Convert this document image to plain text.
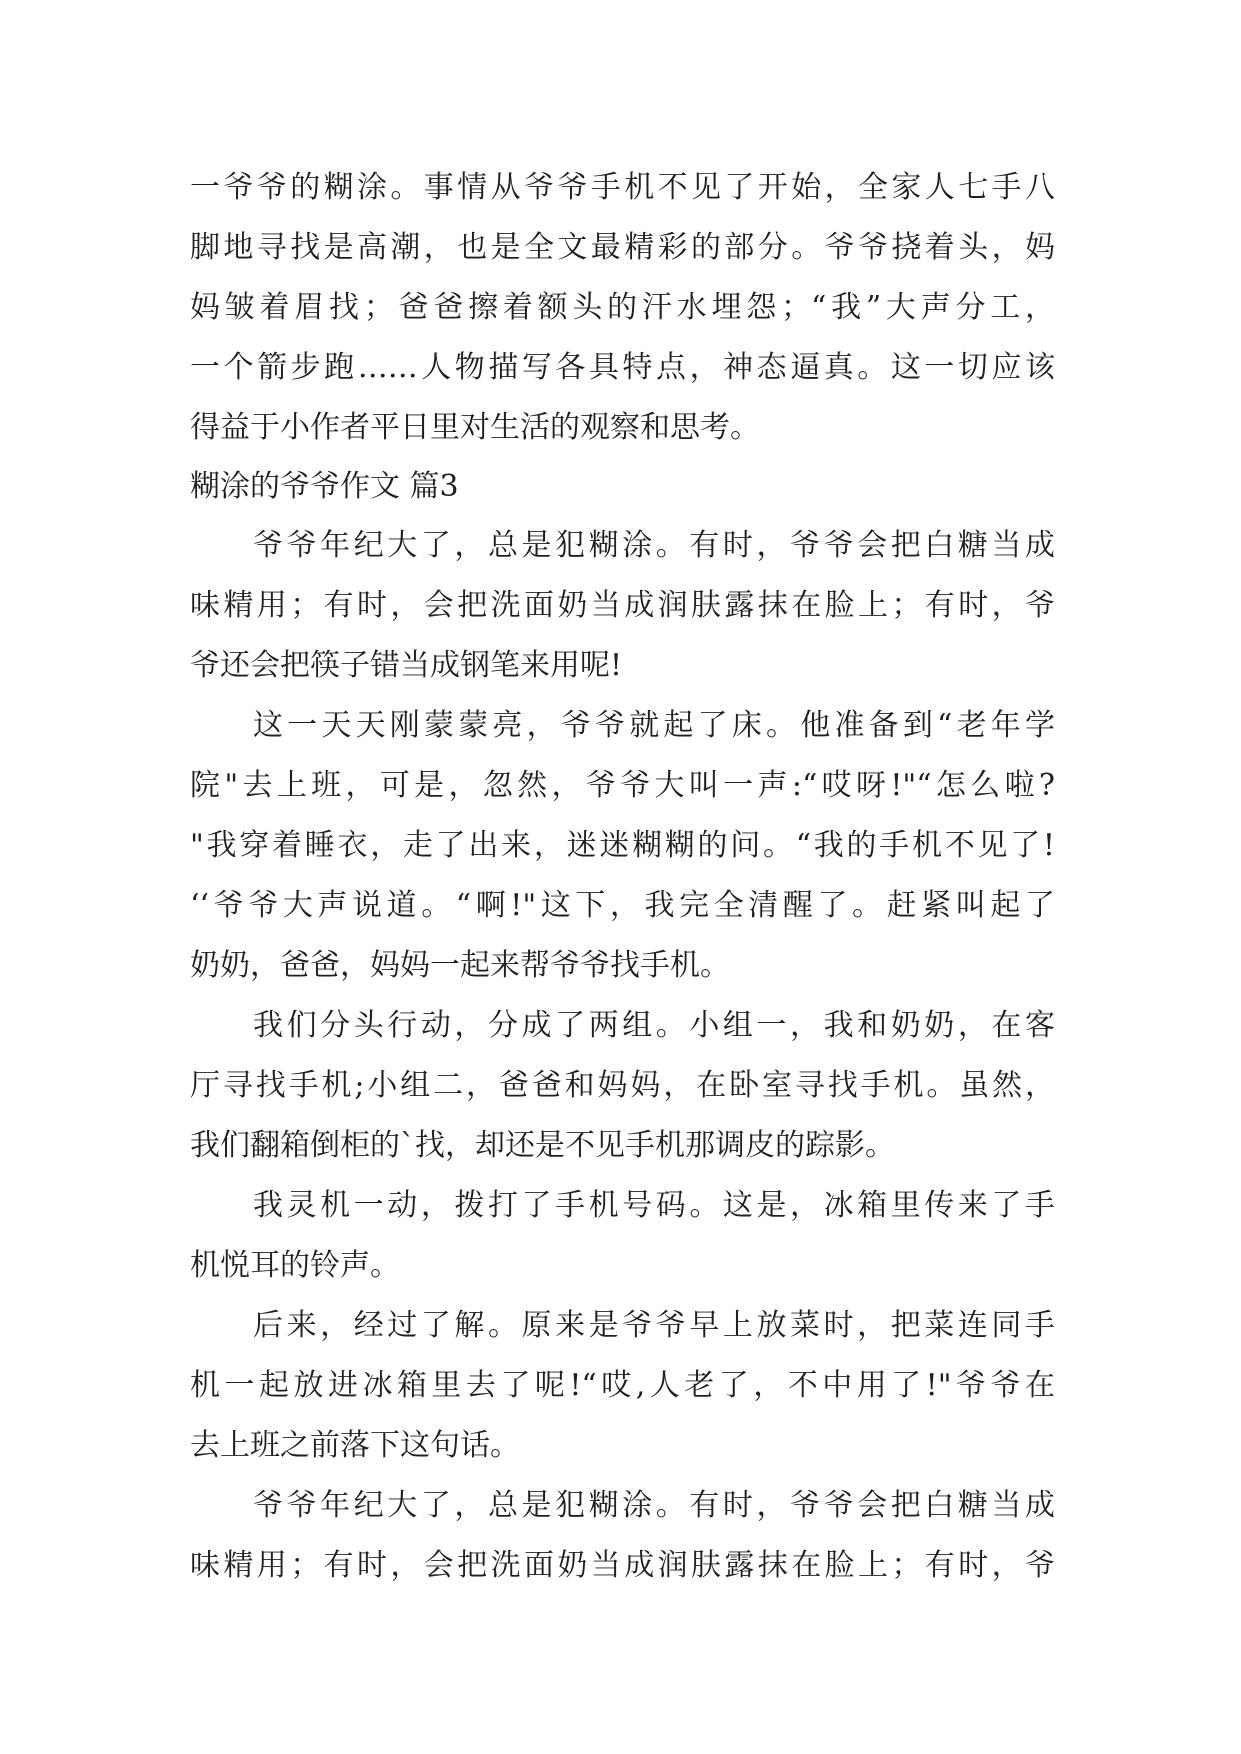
一爷爷的糊涂。事情从爷爷手机不见了开始，全家人七手八
脚地寻找是高潮，也是全文最精彩的部分。爷爷挠着头，妈
妈皱着眉找；爸爸擦着额头的汗水埋怨；“我”大声分工，
一个箭步跑……人物描写各具特点，神态逼真。这一切应该
得益于小作者平日里对生活的观察和思考。
糊涂的爷爷作文 篇3
爷爷年纪大了，总是犯糊涂。有时，爷爷会把白糖当成
味精用；有时，会把洗面奶当成润肤露抹在脸上；有时，爷
爷还会把筷子错当成钢笔来用呢!
这一天天刚蒙蒙亮，爷爷就起了床。他准备到“老年学
院"去上班，可是，忽然，爷爷大叫一声:“哎呀!"“怎么啦?
"我穿着睡衣，走了出来，迷迷糊糊的问。“我的手机不见了!
‘‘爷爷大声说道。“啊!"这下，我完全清醒了。赶紧叫起了
奶奶，爸爸，妈妈一起来帮爷爷找手机。
我们分头行动，分成了两组。小组一，我和奶奶，在客
厅寻找手机;小组二，爸爸和妈妈，在卧室寻找手机。虽然，
我们翻箱倒柜的`找，却还是不见手机那调皮的踪影。
我灵机一动，拨打了手机号码。这是，冰箱里传来了手
机悦耳的铃声。
后来，经过了解。原来是爷爷早上放菜时，把菜连同手
机一起放进冰箱里去了呢!“哎,人老了，不中用了!"爷爷在
去上班之前落下这句话。
爷爷年纪大了，总是犯糊涂。有时，爷爷会把白糖当成
味精用；有时，会把洗面奶当成润肤露抹在脸上；有时，爷
